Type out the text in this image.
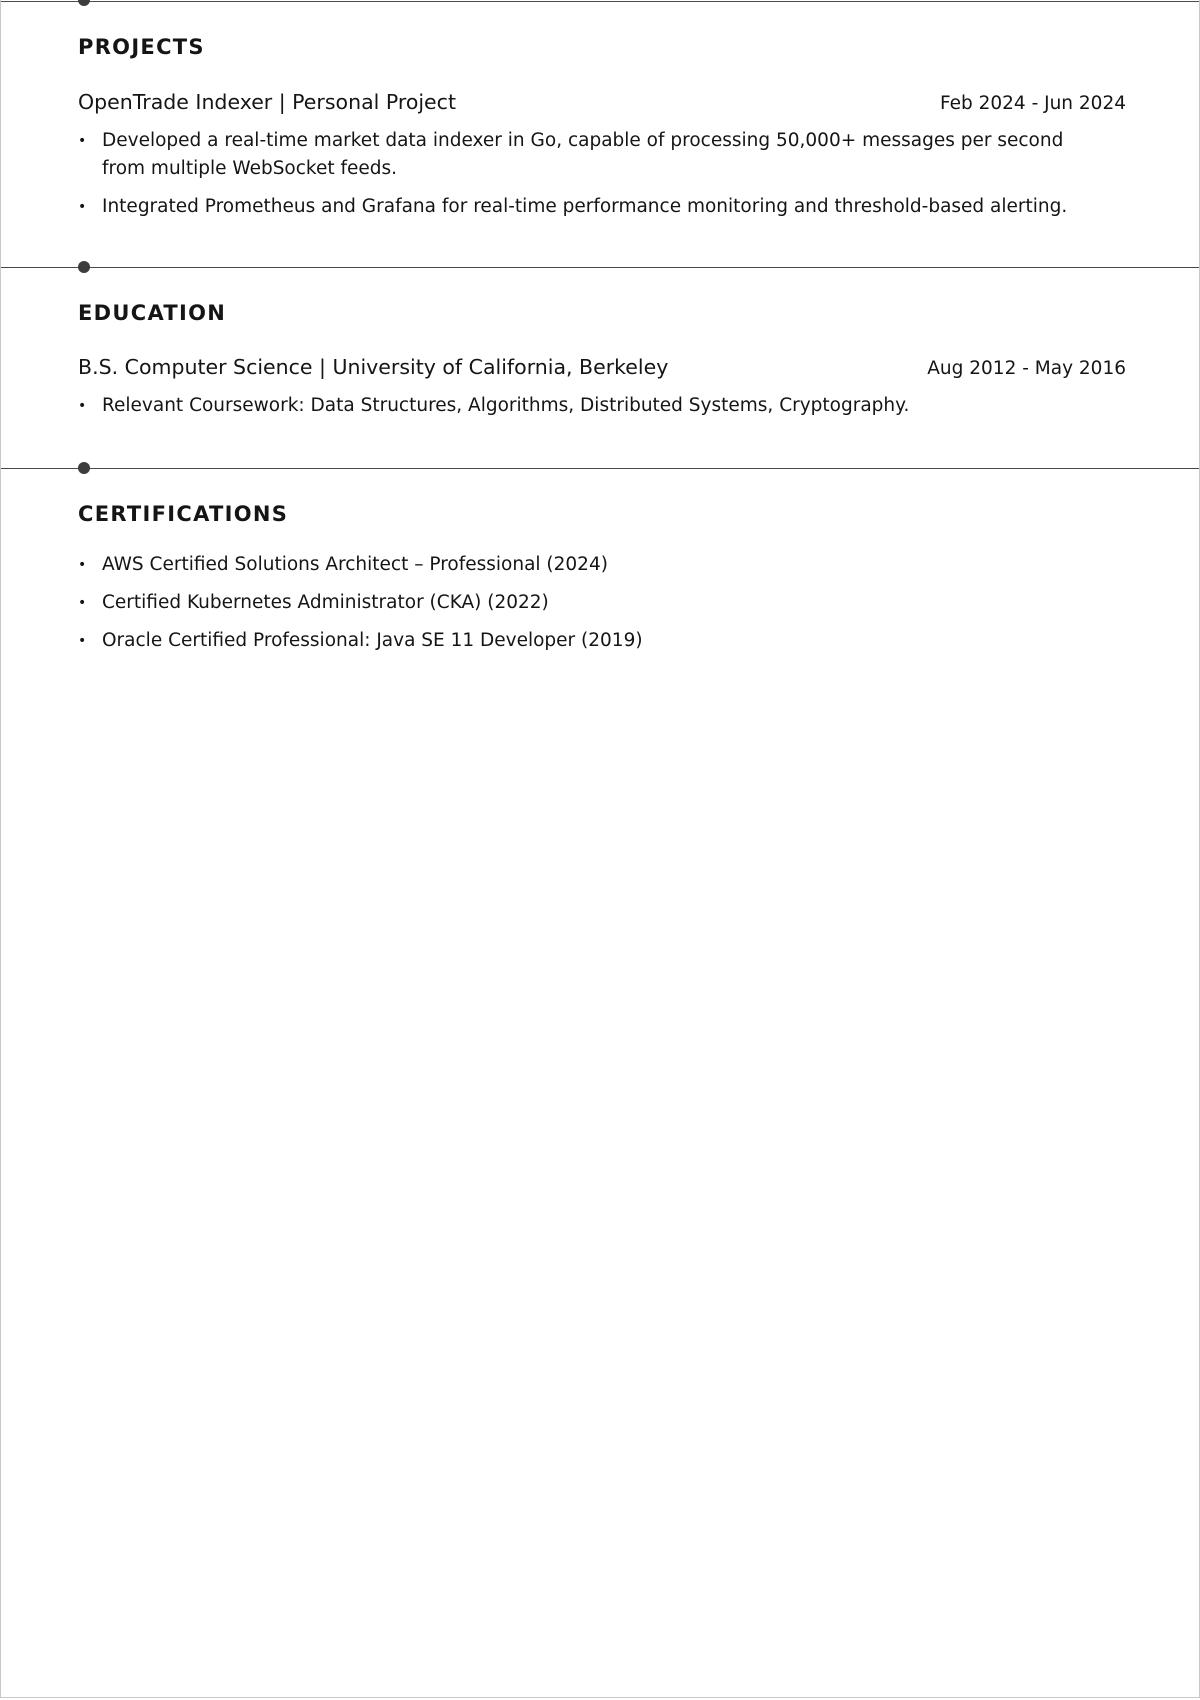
PROJECTS
OpenTrade Indexer | Personal Project	Feb 2024 - Jun 2024
• Developed a real-time market data indexer in Go, capable of processing 50,000+ messages per second from multiple WebSocket feeds.
• Integrated Prometheus and Grafana for real-time performance monitoring and threshold-based alerting.
EDUCATION
B.S. Computer Science | University of California, Berkeley	Aug 2012 - May 2016
• Relevant Coursework: Data Structures, Algorithms, Distributed Systems, Cryptography.
CERTIFICATIONS
• AWS Certified Solutions Architect – Professional (2024)
• Certified Kubernetes Administrator (CKA) (2022)
• Oracle Certified Professional: Java SE 11 Developer (2019)
